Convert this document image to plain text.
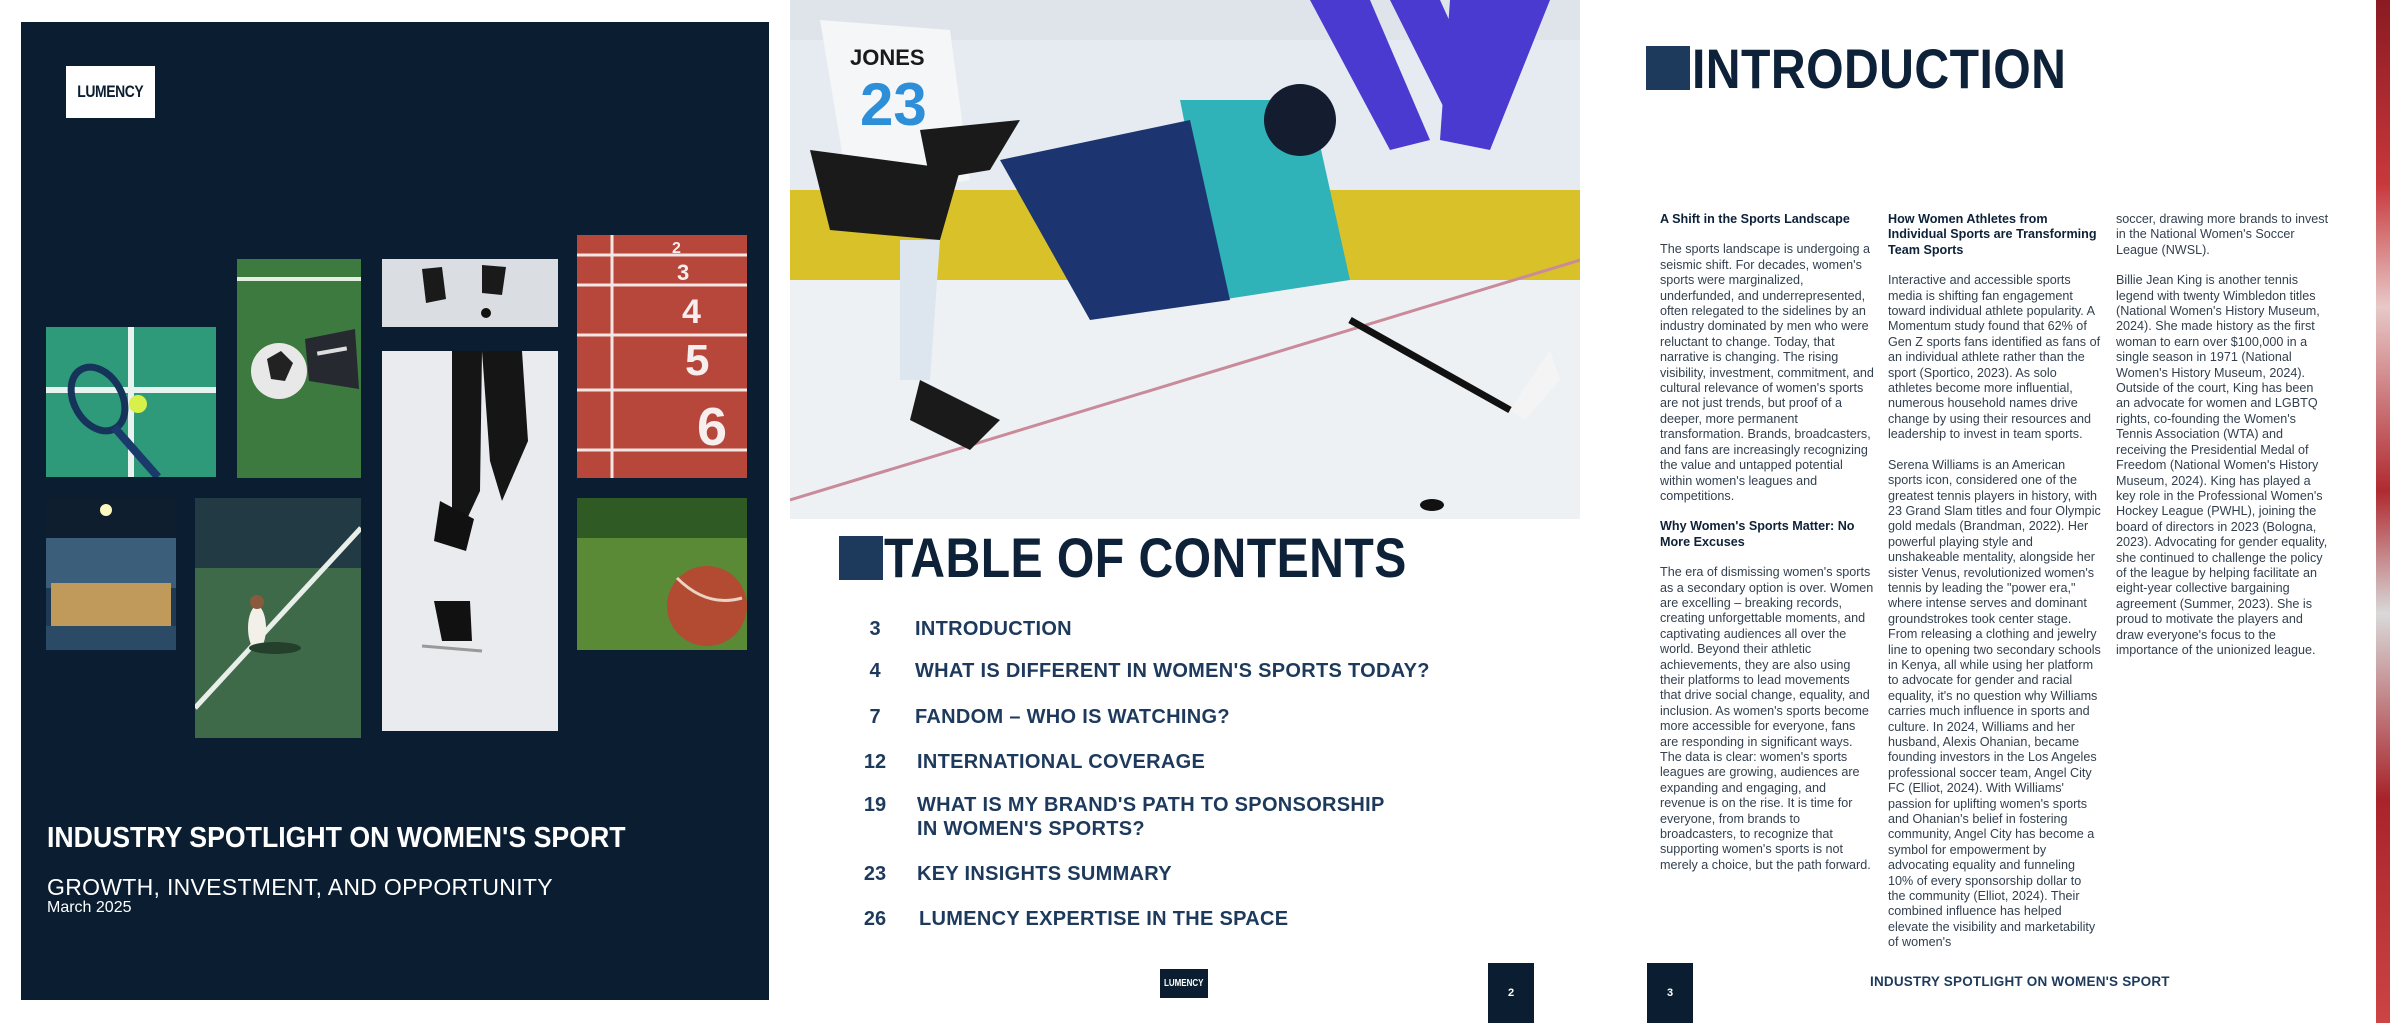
LUMENCY
2
3
4
5
6
INDUSTRY SPOTLIGHT ON WOMEN'S SPORT
GROWTH, INVESTMENT, AND OPPORTUNITY
March 2025
23
JONES
TABLE OF CONTENTS
3	INTRODUCTION
4	WHAT IS DIFFERENT IN WOMEN'S SPORTS TODAY?
7	FANDOM – WHO IS WATCHING?
12	INTERNATIONAL COVERAGE
19	WHAT IS MY BRAND'S PATH TO SPONSORSHIP
IN WOMEN'S SPORTS?
23	KEY INSIGHTS SUMMARY
26	LUMENCY EXPERTISE IN THE SPACE
LUMENCY
2
INTRODUCTION
A Shift in the Sports Landscape

The sports landscape is undergoing a seismic shift. For decades, women's sports were marginalized, underfunded, and underrepresented, often relegated to the sidelines by an industry dominated by men who were reluctant to change. Today, that narrative is changing. The rising visibility, investment, commitment, and cultural relevance of women's sports are not just trends, but proof of a deeper, more permanent transformation. Brands, broadcasters, and fans are increasingly recognizing the value and untapped potential within women's leagues and competitions.

Why Women's Sports Matter: No More Excuses

The era of dismissing women's sports as a secondary option is over. Women are excelling – breaking records, creating unforgettable moments, and captivating audiences all over the world. Beyond their athletic achievements, they are also using their platforms to lead movements that drive social change, equality, and inclusion. As women's sports become more accessible for everyone, fans are responding in significant ways. The data is clear: women's sports leagues are growing, audiences are expanding and engaging, and revenue is on the rise. It is time for everyone, from brands to broadcasters, to recognize that supporting women's sports is not merely a choice, but the path forward.

How Women Athletes from Individual Sports are Transforming Team Sports

Interactive and accessible sports media is shifting fan engagement toward individual athlete popularity. A Momentum study found that 62% of Gen Z sports fans identified as fans of an individual athlete rather than the sport (Sportico, 2023). As solo athletes become more influential, numerous household names drive change by using their resources and leadership to invest in team sports.

Serena Williams is an American sports icon, considered one of the greatest tennis players in history, with 23 Grand Slam titles and four Olympic gold medals (Brandman, 2022). Her powerful playing style and unshakeable mentality, alongside her sister Venus, revolutionized women's tennis by leading the "power era," where intense serves and dominant groundstrokes took center stage. From releasing a clothing and jewelry line to opening two secondary schools in Kenya, all while using her platform to advocate for gender and racial equality, it's no question why Williams carries much influence in sports and culture. In 2024, Williams and her husband, Alexis Ohanian, became founding investors in the Los Angeles professional soccer team, Angel City FC (Elliot, 2024). With Williams' passion for uplifting women's sports and Ohanian's belief in fostering community, Angel City has become a symbol for empowerment by advocating equality and funneling 10% of every sponsorship dollar to the community (Elliot, 2024). Their combined influence has helped elevate the visibility and marketability of women's

soccer, drawing more brands to invest in the National Women's Soccer League (NWSL).

Billie Jean King is another tennis legend with twenty Wimbledon titles (National Women's History Museum, 2024). She made history as the first woman to earn over $100,000 in a single season in 1971 (National Women's History Museum, 2024). Outside of the court, King has been an advocate for women and LGBTQ rights, co-founding the Women's Tennis Association (WTA) and receiving the Presidential Medal of Freedom (National Women's History Museum, 2024). King has played a key role in the Professional Women's Hockey League (PWHL), joining the board of directors in 2023 (Bologna, 2023). Advocating for gender equality, she continued to challenge the policy of the league by helping facilitate an eight-year collective bargaining agreement (Summer, 2023). She is proud to motivate the players and draw everyone's focus to the importance of the unionized league.

3
INDUSTRY SPOTLIGHT ON WOMEN'S SPORT
